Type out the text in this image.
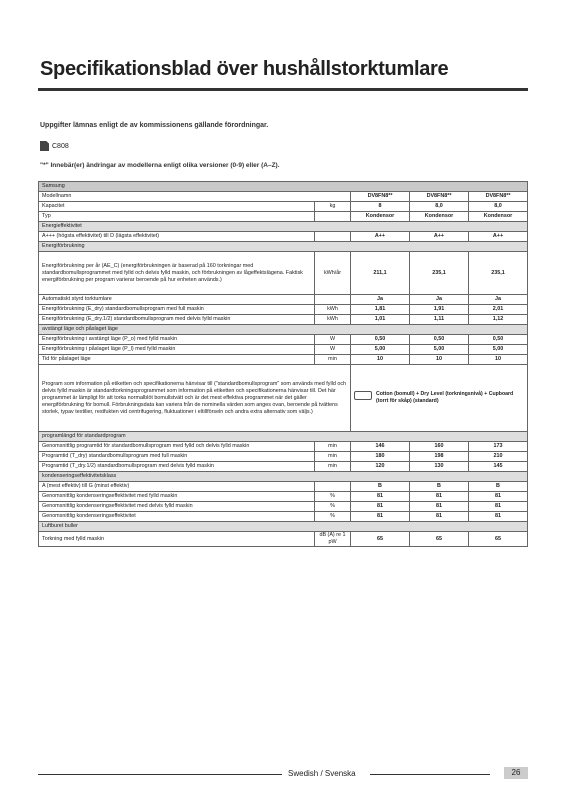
Specifikationsblad över hushållstorktumlare
Uppgifter lämnas enligt de av kommissionens gällande förordningar.
C808
"*" Innebär(er) ändringar av modellerna enligt olika versioner (0-9) eller (A–Z).
Samsung				
Modellnamn		DV8FN8**	DV8FN8**	DV8FN8**
Kapacitet	kg	8	8,0	8,0
Typ		Kondensor	Kondensor	Kondensor
Energieffektivitet				
A+++ (högsta effektivitet) till D (lägsta effektivitet)		A++	A++	A++
Energiförbrukning				
Energiförbrukning per år (AE_C) (energiförbrukningen är baserad på 160 torkningar med standardbomullsprogrammet med fylld och delvis fylld maskin, och förbrukningen av lågeffektslägena. Faktisk energiförbrukning per program varierar beroende på hur enheten används.)	kWh/år	211,1	235,1	235,1
Automatiskt styrd torktumlare		Ja	Ja	Ja
Energiförbrukning (E_dry) standardbomullsprogram med full maskin	kWh	1,81	1,91	2,01
Energiförbrukning (E_dry.1/2) standardbomullsprogram med delvis fylld maskin	kWh	1,01	1,11	1,12
avstängt läge och påslaget läge				
Energiförbrukning i avstängt läge (P_o) med fylld maskin	W	0,50	0,50	0,50
Energiförbrukning i påslaget läge (P_l) med fylld maskin	W	5,00	5,00	5,00
Tid för påslaget läge	min	10	10	10
Program som information på etiketten och specifikationerna hänvisar till ("standardbomullsprogram" som används med fylld och delvis fylld maskin är standardtorkningsprogrammet som information på etiketten och specifikationerna hänvisar till. Det här programmet är lämpligt för att torka normalblöt bomullstvätt och är det mest effektiva programmet när det gäller energiförbrukning för bomull. Förbrukningsdata kan variera från de nominella värden som anges ovan, beroende på tvättens storlek, typav textilier, restfukten vid centrifugering, fluktuationer i eltillförseln och andra extra alternativ som väljs.)		Cotton (bomull) + Dry Level (torkningsnivå) + Cupboard (torrt för skåp) (standard)		

programlängd för standardprogram				
Genomsnittlig programtid för standardbomullsprogram med fylld och delvis fylld maskin	min	146	160	173
Programtid (T_dry) standardbomullsprogram med full maskin	min	180	198	210
Programtid (T_dry.1/2) standardbomullsprogram med delvis fylld maskin	min	120	130	145
kondenseringseffektivitetsklass				
A (mest effektiv) till G (minst effektiv)		B	B	B
Genomsnittlig kondenseringseffektivitet med fylld maskin	%	81	81	81
Genomsnittlig kondenseringseffektivitet med delvis fylld maskin	%	81	81	81
Genomsnittlig kondenseringseffektivitet	%	81	81	81
Luftburet buller				
Torkning med fylld maskin	dB (A) re 1 pW	65	65	65
Swedish / Svenska	26
